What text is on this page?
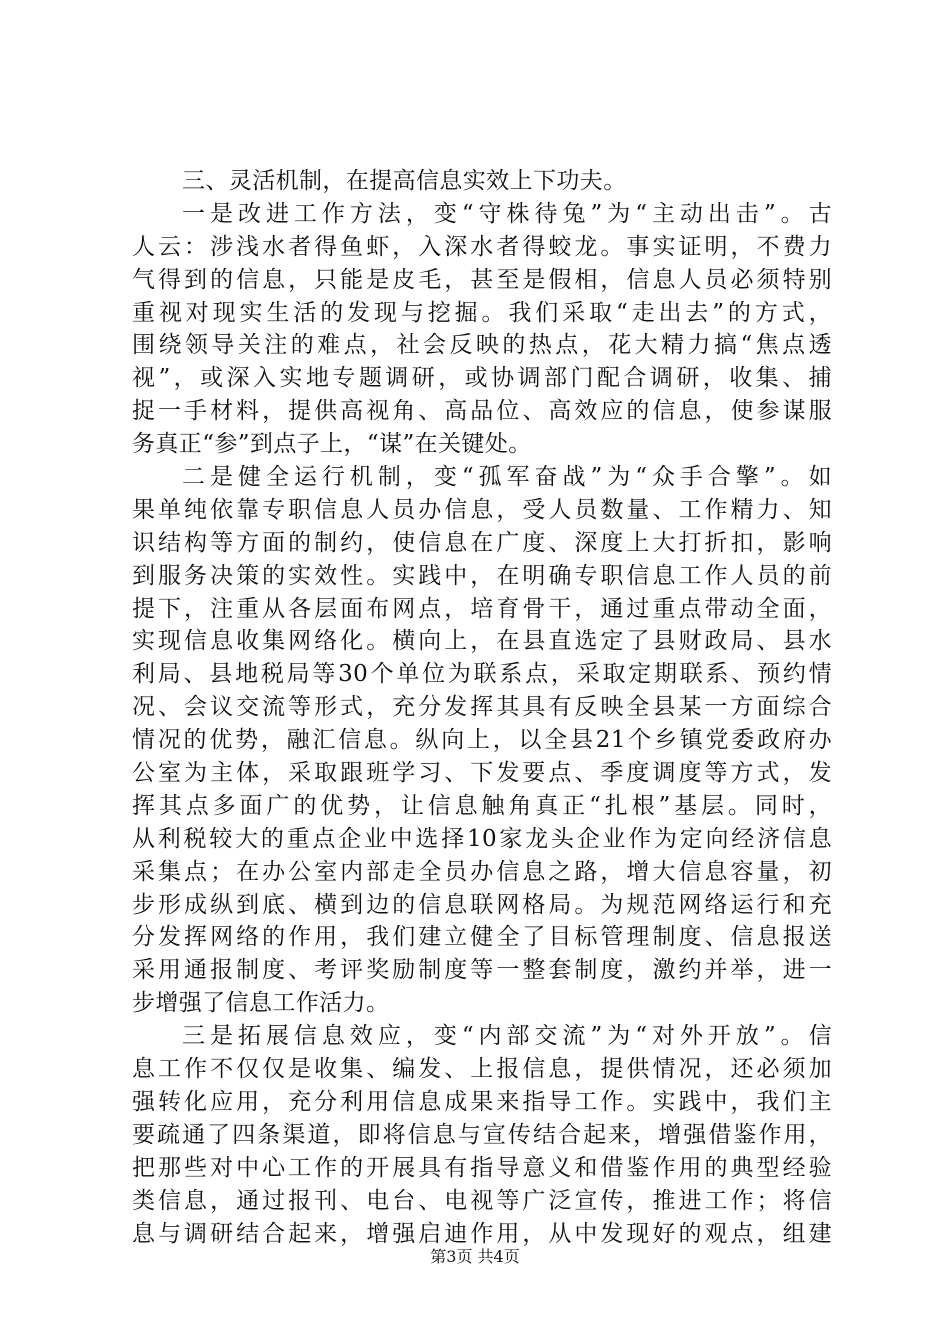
三、灵活机制，在提高信息实效上下功夫。
一是改进工作方法，变“守株待兔”为“主动出击”。古
人云：涉浅水者得鱼虾，入深水者得蛟龙。事实证明，不费力
气得到的信息，只能是皮毛，甚至是假相，信息人员必须特别
重视对现实生活的发现与挖掘。我们采取“走出去”的方式，
围绕领导关注的难点，社会反映的热点，花大精力搞“焦点透
视”，或深入实地专题调研，或协调部门配合调研，收集、捕
捉一手材料，提供高视角、高品位、高效应的信息，使参谋服
务真正“参”到点子上，“谋”在关键处。
二是健全运行机制，变“孤军奋战”为“众手合擎”。如
果单纯依靠专职信息人员办信息，受人员数量、工作精力、知
识结构等方面的制约，使信息在广度、深度上大打折扣，影响
到服务决策的实效性。实践中，在明确专职信息工作人员的前
提下，注重从各层面布网点，培育骨干，通过重点带动全面，
实现信息收集网络化。横向上，在县直选定了县财政局、县水
利局、县地税局等30个单位为联系点，采取定期联系、预约情
况、会议交流等形式，充分发挥其具有反映全县某一方面综合
情况的优势，融汇信息。纵向上，以全县21个乡镇党委政府办
公室为主体，采取跟班学习、下发要点、季度调度等方式，发
挥其点多面广的优势，让信息触角真正“扎根”基层。同时，
从利税较大的重点企业中选择10家龙头企业作为定向经济信息
采集点；在办公室内部走全员办信息之路，增大信息容量，初
步形成纵到底、横到边的信息联网格局。为规范网络运行和充
分发挥网络的作用，我们建立健全了目标管理制度、信息报送
采用通报制度、考评奖励制度等一整套制度，激约并举，进一
步增强了信息工作活力。
三是拓展信息效应，变“内部交流”为“对外开放”。信
息工作不仅仅是收集、编发、上报信息，提供情况，还必须加
强转化应用，充分利用信息成果来指导工作。实践中，我们主
要疏通了四条渠道，即将信息与宣传结合起来，增强借鉴作用，
把那些对中心工作的开展具有指导意义和借鉴作用的典型经验
类信息，通过报刊、电台、电视等广泛宣传，推进工作；将信
息与调研结合起来，增强启迪作用，从中发现好的观点，组建
第3页 共4页
